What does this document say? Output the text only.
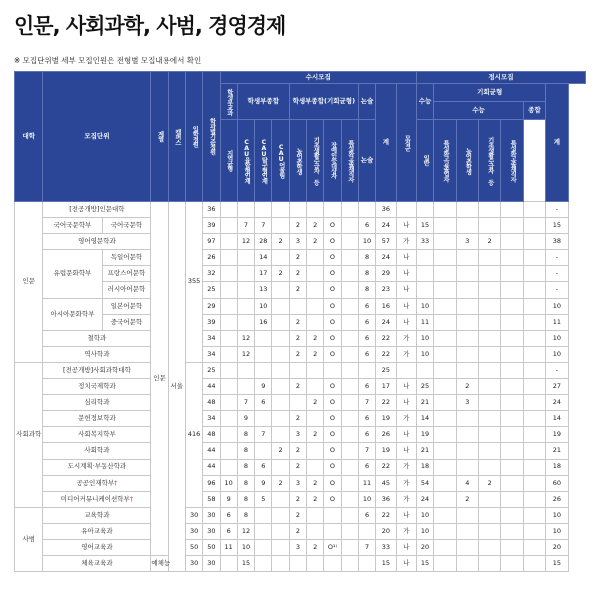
인문, 사회과학, 사범, 경영경제
※ 모집단위별 세부 모집인원은 전형별 모집내용에서 확인
대학	모집단위		계열	캠퍼스	입학정원	학과별기준정원	수시모집											정시모집						

							학생부교과	학생부종합			학생부종합(기회균형)				논술	계	모집군	수능	기회균형					계
																			수능				종합	

							지역균형	CAU융합형인재	CAU탐구형인재	CAU어울림	농어촌학생	기초생활수급자 등	장애인등대상자	특성화고졸재직자	논술			일반	특성화고교졸업자	농어촌학생	기초생활수급자 등	특성화고졸재직자		

인문	[전공개방]인문대학		인문	서울	355	36										36								-
	국어국문학부	국어국문학				39		7	7		2	2	O		6	24	나	15						15
	영어영문학과					97		12	28	2	3	2	O		10	57	가	33		3	2			38
	유럽문화학부	독일어문학				26			14		2		O		8	24	나							-
		프랑스어문학				32			17	2	2		O		8	29	나							-
		러시아어문학				25			13		2		O		8	23	나							-
	아시아문화학부	일본어문학				29			10				O		6	16	나	10						10
		중국어문학				39			16		2		O		6	24	나	11						11
	철학과					34		12			2	2	O		6	22	가	10						10
	역사학과					34		12			2	2	O		6	22	가	10						10
사회과학	[전공개방]사회과학대학				416	25										25								-
	정치국제학과					44			9		2		O		6	17	나	25		2				27
	심리학과					48		7	6			2	O		7	22	나	21		3				24
	문헌정보학과					34		9			2		O		6	19	가	14						14
	사회복지학부					48		8	7		3	2	O		6	26	나	19						19
	사회학과					44		8		2	2		O		7	19	나	21						21
	도시계획·부동산학과					44		8	6		2		O		6	22	가	18						18
	공공인재학부†					96	10	8	9	2	3	2	O		11	45	가	54		4	2			60
	미디어커뮤니케이션학부†					58	9	8	5		2	2	O		10	36	가	24		2				26
사범	교육학과				30	30	6	8			2				6	22	나	10						10
	유아교육과				30	30	6	12			2					20	가	10						10
	영어교육과				50	50	11	10			3	2	O¹⁾		7	33	나	20						20
	체육교육과		예체능		30	30		15								15	나	15						15
